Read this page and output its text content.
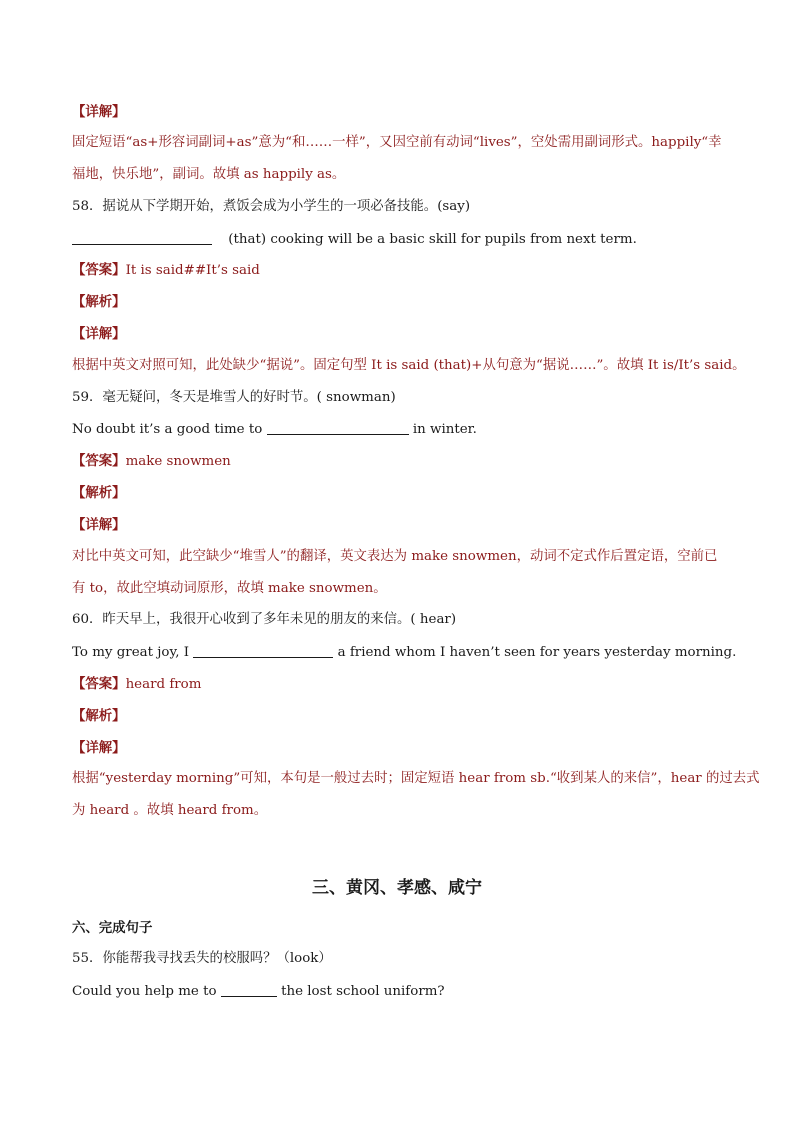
【详解】
固定短语“as+形容词副词+as”意为“和……一样”，又因空前有动词“lives”，空处需用副词形式。happily“幸
福地，快乐地”，副词。故填 as happily as。
58．据说从下学期开始，煮饭会成为小学生的一项必备技能。(say)
(that) cooking will be a basic skill for pupils from next term.
【答案】It is said##It’s said
【解析】
【详解】
根据中英文对照可知，此处缺少“据说”。固定句型 It is said (that)+从句意为“据说……”。故填 It is/It’s said。
59．毫无疑问，冬天是堆雪人的好时节。( snowman)
No doubt it’s a good time to	in winter.
【答案】make snowmen
【解析】
【详解】
对比中英文可知，此空缺少“堆雪人”的翻译，英文表达为 make snowmen，动词不定式作后置定语，空前已
有 to，故此空填动词原形，故填 make snowmen。
60．昨天早上，我很开心收到了多年未见的朋友的来信。( hear)
To my great joy, I	a friend whom I haven’t seen for years yesterday morning.
【答案】heard from
【解析】
【详解】
根据“yesterday morning”可知，本句是一般过去时；固定短语 hear from sb.“收到某人的来信”，hear 的过去式
为 heard 。故填 heard from。
三、黄冈、孝感、咸宁
六、完成句子
55．你能帮我寻找丢失的校服吗？（look）
Could you help me to	the lost school uniform?
